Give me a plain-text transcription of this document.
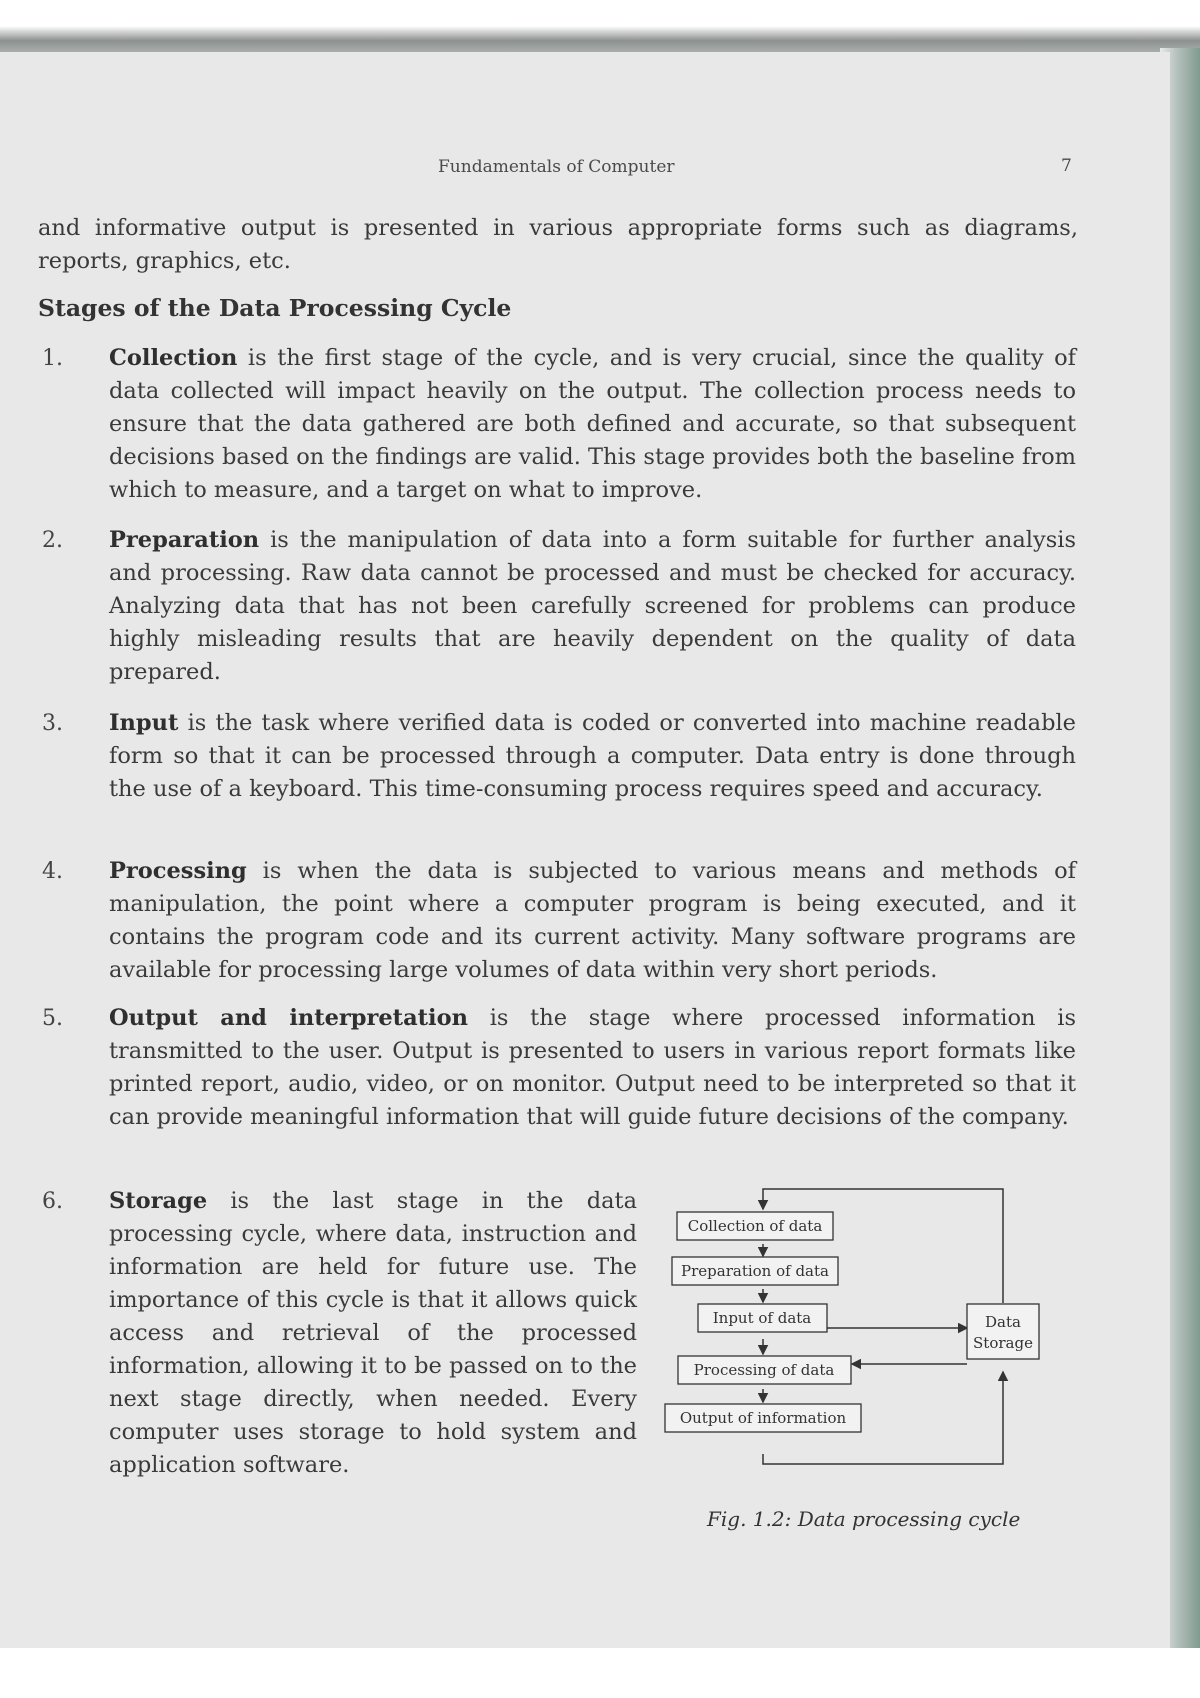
Fundamentals of Computer	7

and informative output is presented in various appropriate forms such as diagrams, reports, graphics, etc.

Stages of the Data Processing Cycle
1. Collection is the first stage of the cycle, and is very crucial, since the quality of data collected will impact heavily on the output. The collection process needs to ensure that the data gathered are both defined and accurate, so that subsequent decisions based on the findings are valid. This stage provides both the baseline from which to measure, and a target on what to improve.

2. Preparation is the manipulation of data into a form suitable for further analysis and processing. Raw data cannot be processed and must be checked for accuracy. Analyzing data that has not been carefully screened for problems can produce highly misleading results that are heavily dependent on the quality of data prepared.

3. Input is the task where verified data is coded or converted into machine readable form so that it can be processed through a computer. Data entry is done through the use of a keyboard. This time-consuming process requires speed and accuracy.

4. Processing is when the data is subjected to various means and methods of manipulation, the point where a computer program is being executed, and it contains the program code and its current activity. Many software programs are available for processing large volumes of data within very short periods.

5. Output and interpretation is the stage where processed information is transmitted to the user. Output is presented to users in various report formats like printed report, audio, video, or on monitor. Output need to be interpreted so that it can provide meaningful information that will guide future decisions of the company.

6. Storage is the last stage in the data processing cycle, where data, instruction and information are held for future use. The importance of this cycle is that it allows quick access and retrieval of the processed information, allowing it to be passed on to the next stage directly, when needed. Every computer uses storage to hold system and application software.

Collection of data
Preparation of data
Input of data
Processing of data
Output of information
Data
Storage

Fig. 1.2: Data processing cycle
